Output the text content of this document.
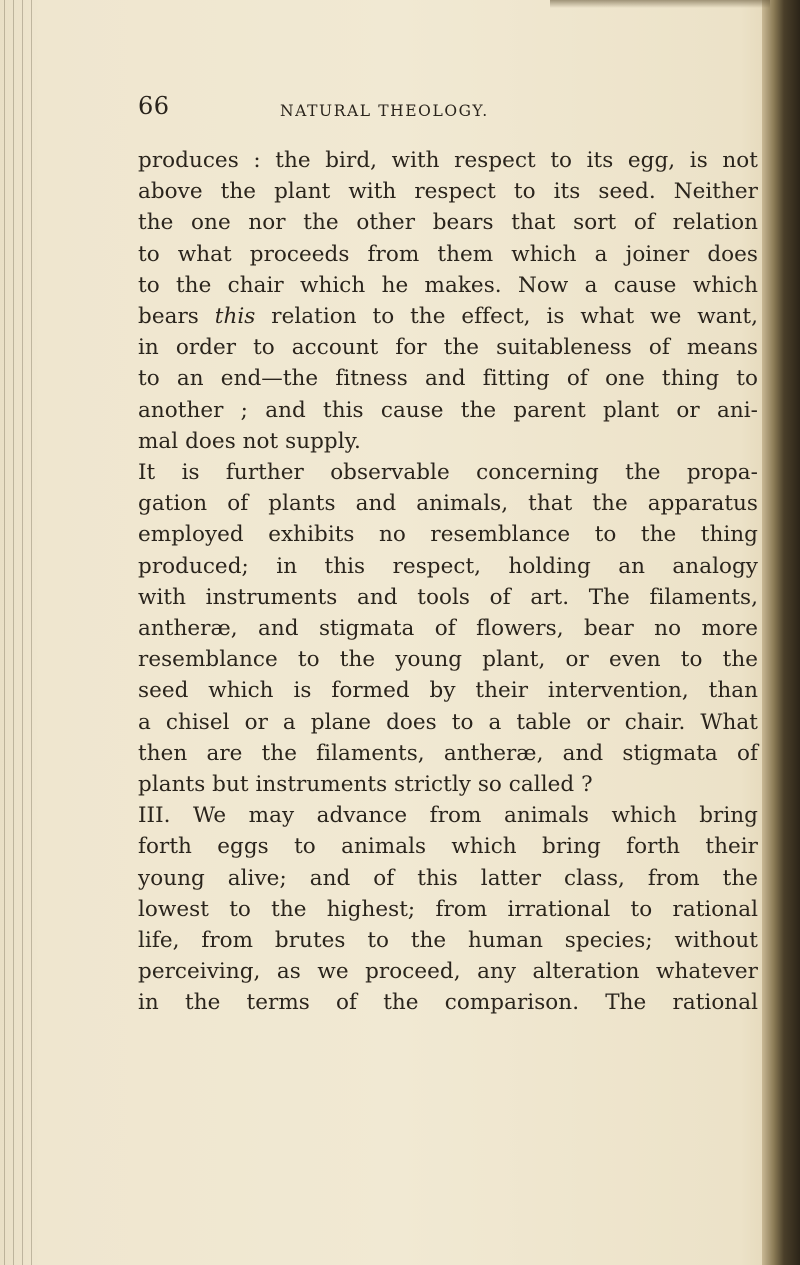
66	NATURAL THEOLOGY.
produces : the bird, with respect to its egg, is not
above the plant with respect to its seed. Neither
the one nor the other bears that sort of relation
to what proceeds from them which a joiner does
to the chair which he makes. Now a cause which
bears this relation to the effect, is what we want,
in order to account for the suitableness of means
to an end—the fitness and fitting of one thing to
another ; and this cause the parent plant or ani-
mal does not supply.
It is further observable concerning the propa-
gation of plants and animals, that the apparatus
employed exhibits no resemblance to the thing
produced; in this respect, holding an analogy
with instruments and tools of art. The filaments,
antheræ, and stigmata of flowers, bear no more
resemblance to the young plant, or even to the
seed which is formed by their intervention, than
a chisel or a plane does to a table or chair. What
then are the filaments, antheræ, and stigmata of
plants but instruments strictly so called ?
III. We may advance from animals which bring
forth eggs to animals which bring forth their
young alive; and of this latter class, from the
lowest to the highest; from irrational to rational
life, from brutes to the human species; without
perceiving, as we proceed, any alteration whatever
in the terms of the comparison. The rational
